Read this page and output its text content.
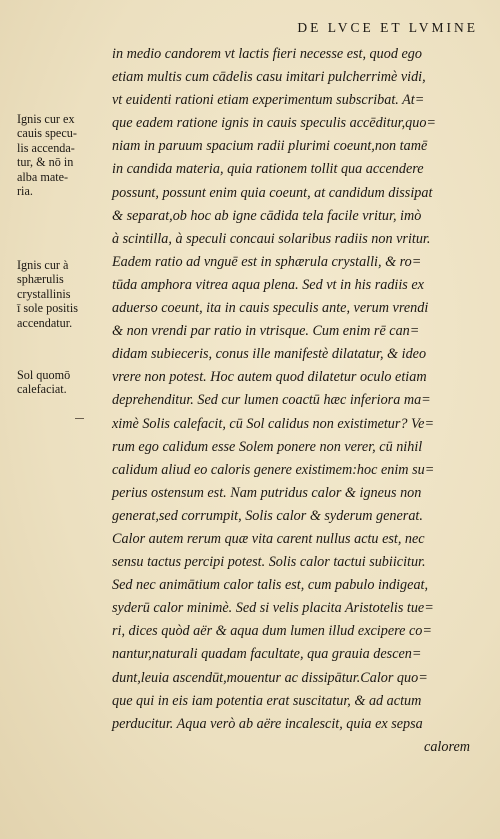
DE LVCE ET LVMINE
Ignis cur ex
cauis specu-
lis accenda-
tur, & nō in
alba mate-
ria.
Ignis cur à
sphærulis
crystallinis
ī sole positis
accendatur.
Sol quomō
calefaciat.
in medio candorem vt lactis fieri necesse est, quod ego
etiam multis cum cādelis casu imitari pulcherrimè vidi,
vt euidenti rationi etiam experimentum subscribat. At=
que eadem ratione ignis in cauis speculis accēditur,quo=
niam in paruum spacium radii plurimi coeunt,non tamē
in candida materia, quia rationem tollit qua accendere
possunt, possunt enim quia coeunt, at candidum dissipat
& separat,ob hoc ab igne cādida tela facile vritur, imò
à scintilla, à speculi concaui solaribus radiis non vritur.
Eadem ratio ad vnguē est in sphærula crystalli, & ro=
tūda amphora vitrea aqua plena. Sed vt in his radiis ex
aduerso coeunt, ita in cauis speculis ante, verum vrendi
& non vrendi par ratio in vtrisque. Cum enim rē can=
didam subieceris, conus ille manifestè dilatatur, & ideo
vrere non potest. Hoc autem quod dilatetur oculo etiam
deprehenditur. Sed cur lumen coactū hæc inferiora ma=
ximè Solis calefacit, cū Sol calidus non existimetur? Ve=
rum ego calidum esse Solem ponere non verer, cū nihil
calidum aliud eo caloris genere existimem:hoc enim su=
perius ostensum est. Nam putridus calor & igneus non
generat,sed corrumpit, Solis calor & syderum generat.
Calor autem rerum quæ vita carent nullus actu est, nec
sensu tactus percipi potest. Solis calor tactui subiicitur.
Sed nec animātium calor talis est, cum pabulo indigeat,
syderū calor minimè. Sed si velis placita Aristotelis tue=
ri, dices quòd aër & aqua dum lumen illud excipere co=
nantur,naturali quadam facultate, qua grauia descen=
dunt,leuia ascendūt,mouentur ac dissipātur.Calor quo=
que qui in eis iam potentia erat suscitatur, & ad actum
perducitur. Aqua verò ab aëre incalescit, quia ex sepsa
calorem
